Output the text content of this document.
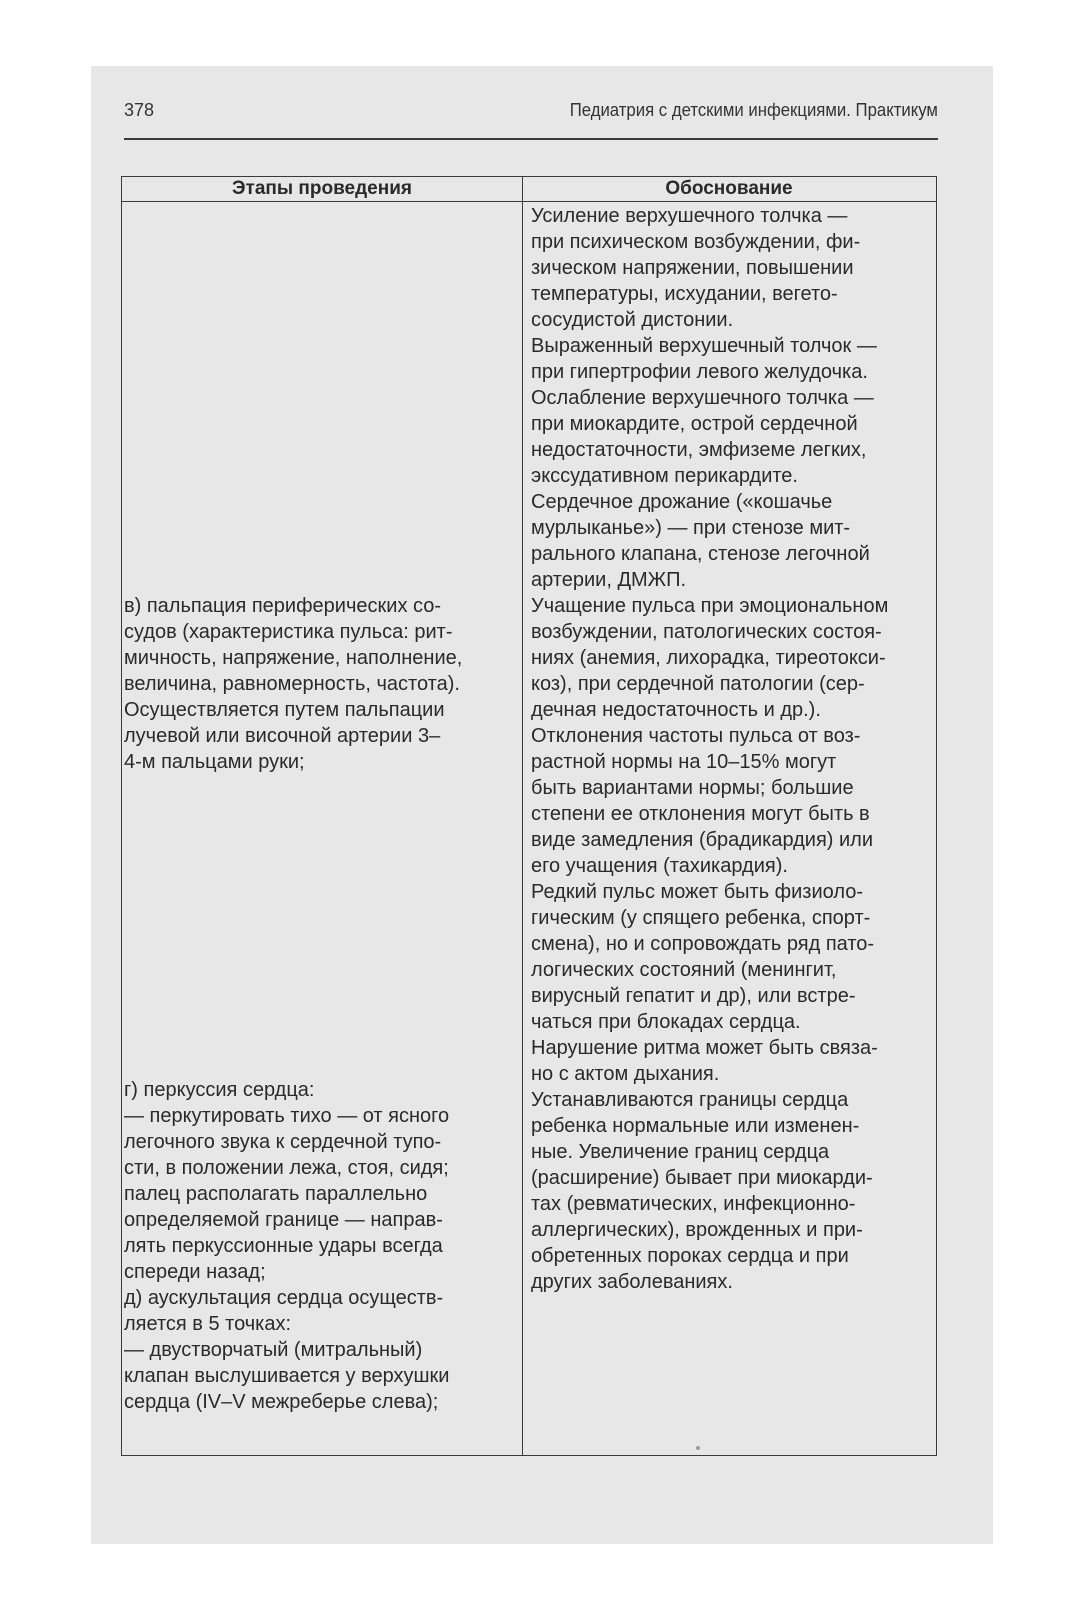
378	Педиатрия с детскими инфекциями. Практикум
Этапы проведения	Обоснование

в) пальпация периферических со-

судов (характеристика пульса: рит-

мичность, напряжение, наполнение,

величина, равномерность, частота).

Осуществляется путем пальпации

лучевой или височной артерии 3–

4-м пальцами руки;

г) перкуссия сердца:

— перкутировать тихо — от ясного

легочного звука к сердечной тупо-

сти, в положении лежа, стоя, сидя;

палец располагать параллельно

определяемой границе — направ-

лять перкуссионные удары всегда

спереди назад;

д) аускультация сердца осуществ-

ляется в 5 точках:

— двустворчатый (митральный)

клапан выслушивается у верхушки

сердца (IV–V межреберье слева);

Усиление верхушечного толчка —

при психическом возбуждении, фи-

зическом напряжении, повышении

температуры, исхудании, вегето-

сосудистой дистонии.

Выраженный верхушечный толчок —

при гипертрофии левого желудочка.

Ослабление верхушечного толчка —

при миокардите, острой сердечной

недостаточности, эмфиземе легких,

экссудативном перикардите.

Сердечное дрожание («кошачье

мурлыканье») — при стенозе мит-

рального клапана, стенозе легочной

артерии, ДМЖП.

Учащение пульса при эмоциональном

возбуждении, патологических состоя-

ниях (анемия, лихорадка, тиреотокси-

коз), при сердечной патологии (сер-

дечная недостаточность и др.).

Отклонения частоты пульса от воз-

растной нормы на 10–15% могут

быть вариантами нормы; большие

степени ее отклонения могут быть в

виде замедления (брадикардия) или

его учащения (тахикардия).

Редкий пульс может быть физиоло-

гическим (у спящего ребенка, спорт-

смена), но и сопровождать ряд пато-

логических состояний (менингит,

вирусный гепатит и др), или встре-

чаться при блокадах сердца.

Нарушение ритма может быть связа-

но с актом дыхания.

Устанавливаются границы сердца

ребенка нормальные или изменен-

ные. Увеличение границ сердца

(расширение) бывает при миокарди-

тах (ревматических, инфекционно-

аллергических), врожденных и при-

обретенных пороках сердца и при

других заболеваниях.
